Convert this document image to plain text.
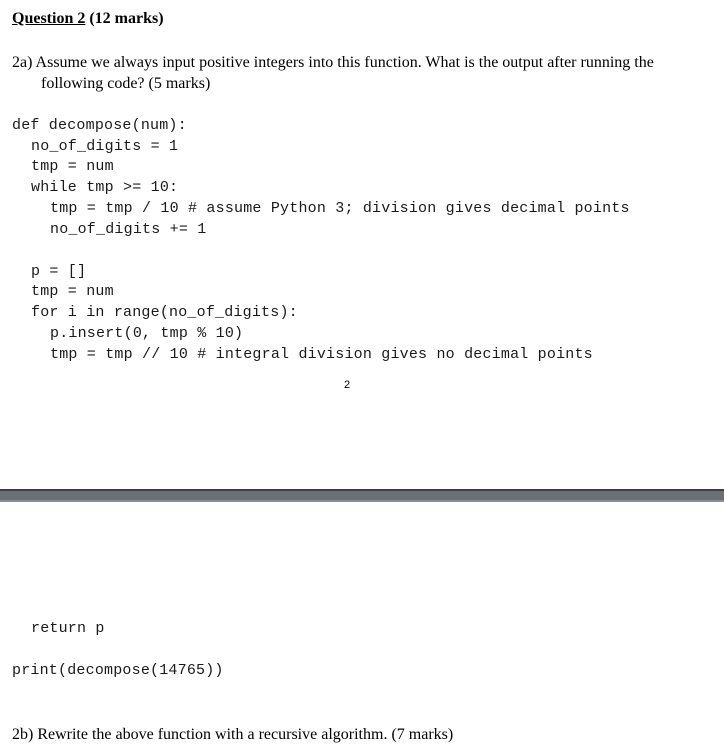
Question 2 (12 marks)
2a) Assume we always input positive integers into this function. What is the output after running the
following code? (5 marks)
def decompose(num):
no_of_digits = 1
tmp = num
while tmp >= 10:
tmp = tmp / 10 # assume Python 3; division gives decimal points
no_of_digits += 1
p = []
tmp = num
for i in range(no_of_digits):
p.insert(0, tmp % 10)
tmp = tmp // 10 # integral division gives no decimal points
2
return p
print(decompose(14765))
2b) Rewrite the above function with a recursive algorithm. (7 marks)
